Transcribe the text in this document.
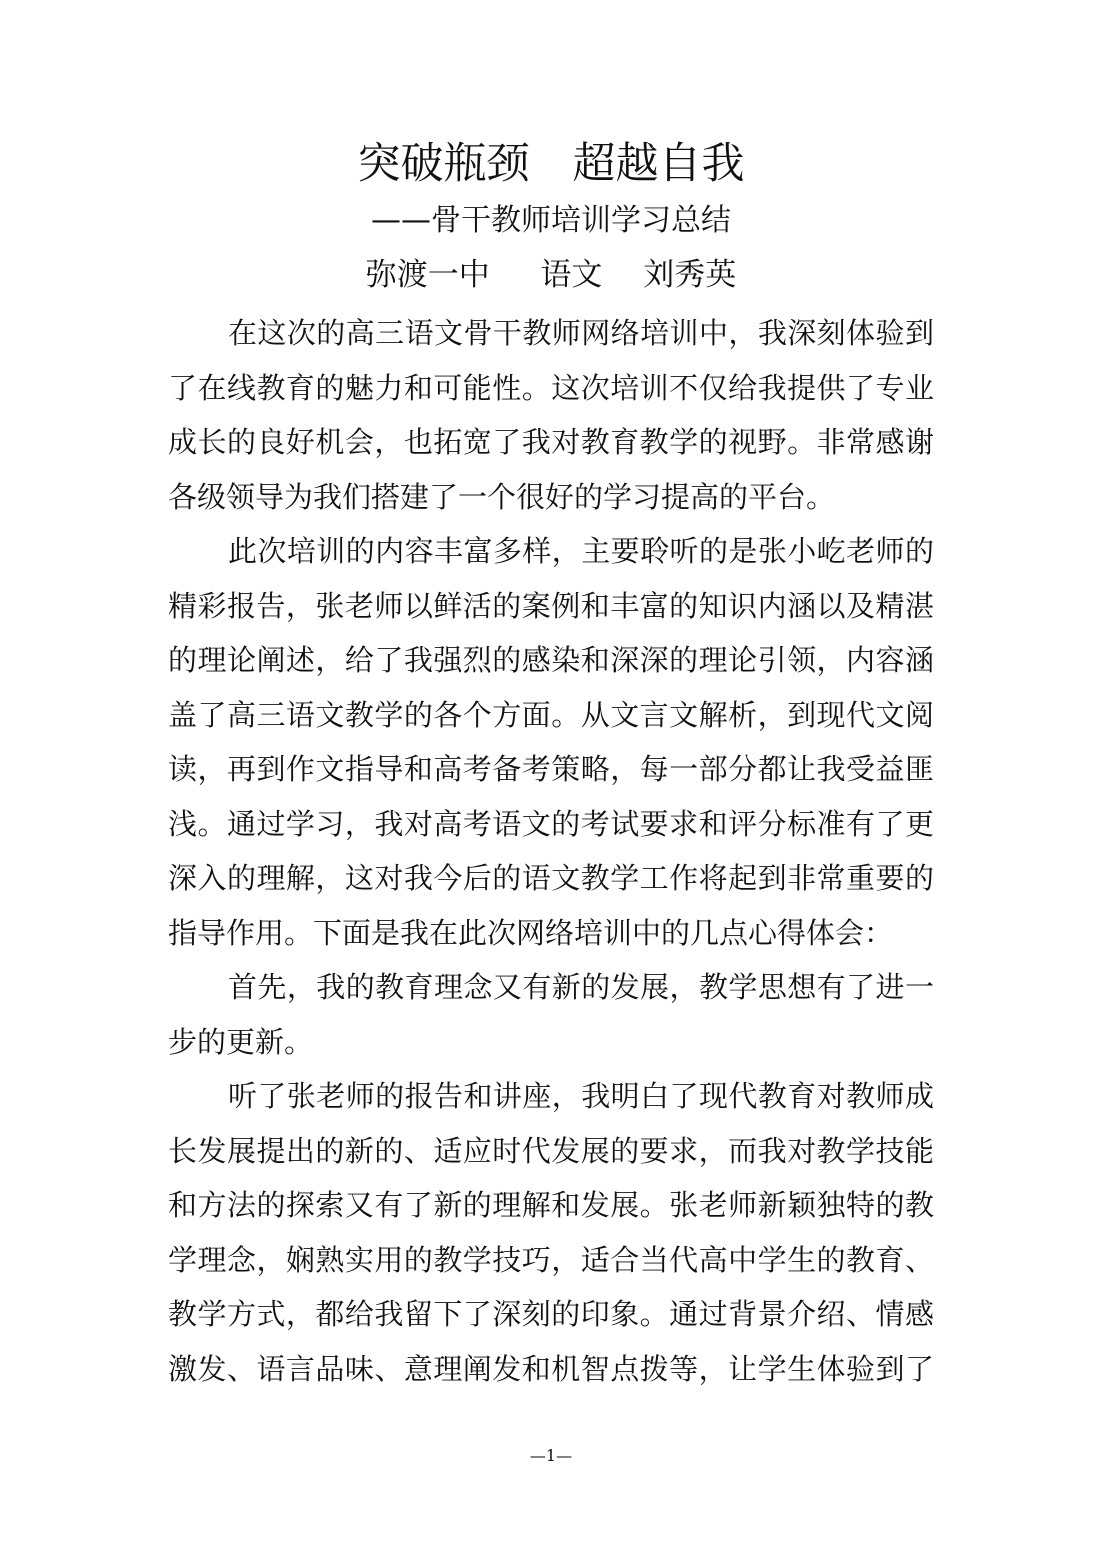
突破瓶颈　超越自我
——骨干教师培训学习总结
弥渡一中　  语文　 刘秀英
在这次的高三语文骨干教师网络培训中，我深刻体验到
了在线教育的魅力和可能性。这次培训不仅给我提供了专业
成长的良好机会，也拓宽了我对教育教学的视野。非常感谢
各级领导为我们搭建了一个很好的学习提高的平台。
此次培训的内容丰富多样，主要聆听的是张小屹老师的
精彩报告，张老师以鲜活的案例和丰富的知识内涵以及精湛
的理论阐述，给了我强烈的感染和深深的理论引领，内容涵
盖了高三语文教学的各个方面。从文言文解析，到现代文阅
读，再到作文指导和高考备考策略，每一部分都让我受益匪
浅。通过学习，我对高考语文的考试要求和评分标准有了更
深入的理解，这对我今后的语文教学工作将起到非常重要的
指导作用。下面是我在此次网络培训中的几点心得体会：
首先，我的教育理念又有新的发展，教学思想有了进一
步的更新。
听了张老师的报告和讲座，我明白了现代教育对教师成
长发展提出的新的、适应时代发展的要求，而我对教学技能
和方法的探索又有了新的理解和发展。张老师新颖独特的教
学理念，娴熟实用的教学技巧，适合当代高中学生的教育、
教学方式，都给我留下了深刻的印象。通过背景介绍、情感
激发、语言品味、意理阐发和机智点拨等，让学生体验到了
—1—
